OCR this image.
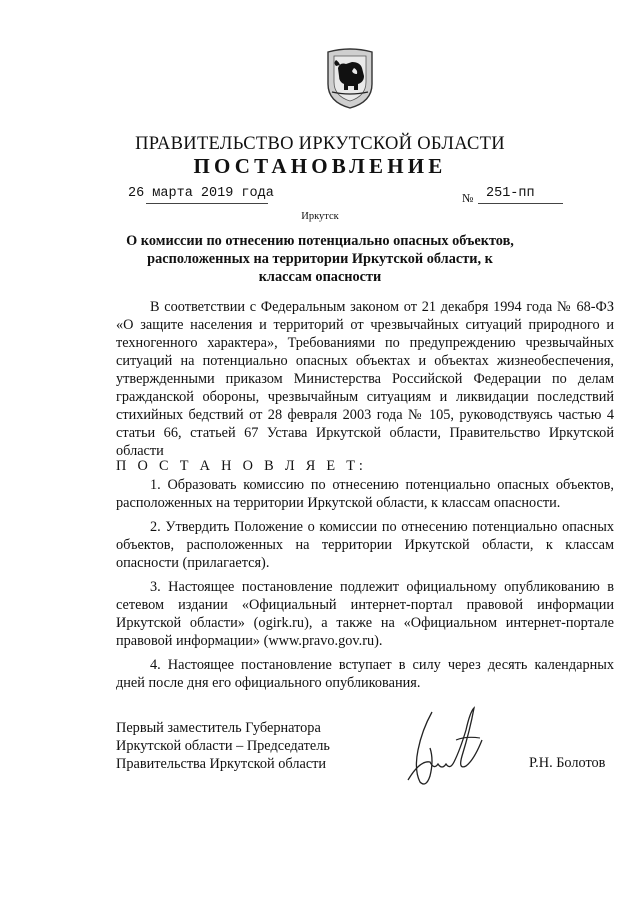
ПРАВИТЕЛЬСТВО ИРКУТСКОЙ ОБЛАСТИ
ПОСТАНОВЛЕНИЕ
26 марта 2019 года	№ 251-пп
Иркутск
О комиссии по отнесению потенциально опасных объектов, расположенных на территории Иркутской области, к классам опасности

В соответствии с Федеральным законом от 21 декабря 1994 года № 68-ФЗ «О защите населения и территорий от чрезвычайных ситуаций природного и техногенного характера», Требованиями по предупреждению чрезвычайных ситуаций на потенциально опасных объектах и объектах жизнеобеспечения, утвержденными приказом Министерства Российской Федерации по делам гражданской обороны, чрезвычайным ситуациям и ликвидации последствий стихийных бедствий от 28 февраля 2003 года № 105, руководствуясь частью 4 статьи 66, статьей 67 Устава Иркутской области, Правительство Иркутской области

П О С Т А Н О В Л Я Е Т:

1. Образовать комиссию по отнесению потенциально опасных объектов, расположенных на территории Иркутской области, к классам опасности.

2. Утвердить Положение о комиссии по отнесению потенциально опасных объектов, расположенных на территории Иркутской области, к классам опасности (прилагается).

3. Настоящее постановление подлежит официальному опубликованию в сетевом издании «Официальный интернет-портал правовой информации Иркутской области» (ogirk.ru), а также на «Официальном интернет-портале правовой информации» (www.pravo.gov.ru).

4. Настоящее постановление вступает в силу через десять календарных дней после дня его официального опубликования.

Первый заместитель Губернатора
Иркутской области – Председатель
Правительства Иркутской области	Р.Н. Болотов
